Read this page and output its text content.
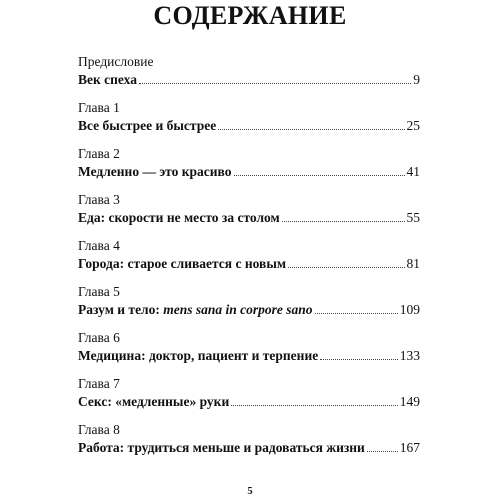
СОДЕРЖАНИЕ
Предисловие
Век спеха	9
Глава 1
Все быстрее и быстрее	25
Глава 2
Медленно — это красиво	41
Глава 3
Еда: скорости не место за столом	55
Глава 4
Города: старое сливается с новым	81
Глава 5
Разум и тело: mens sana in corpore sano	109
Глава 6
Медицина: доктор, пациент и терпение	133
Глава 7
Секс: «медленные» руки	149
Глава 8
Работа: трудиться меньше и радоваться жизни	167
5
